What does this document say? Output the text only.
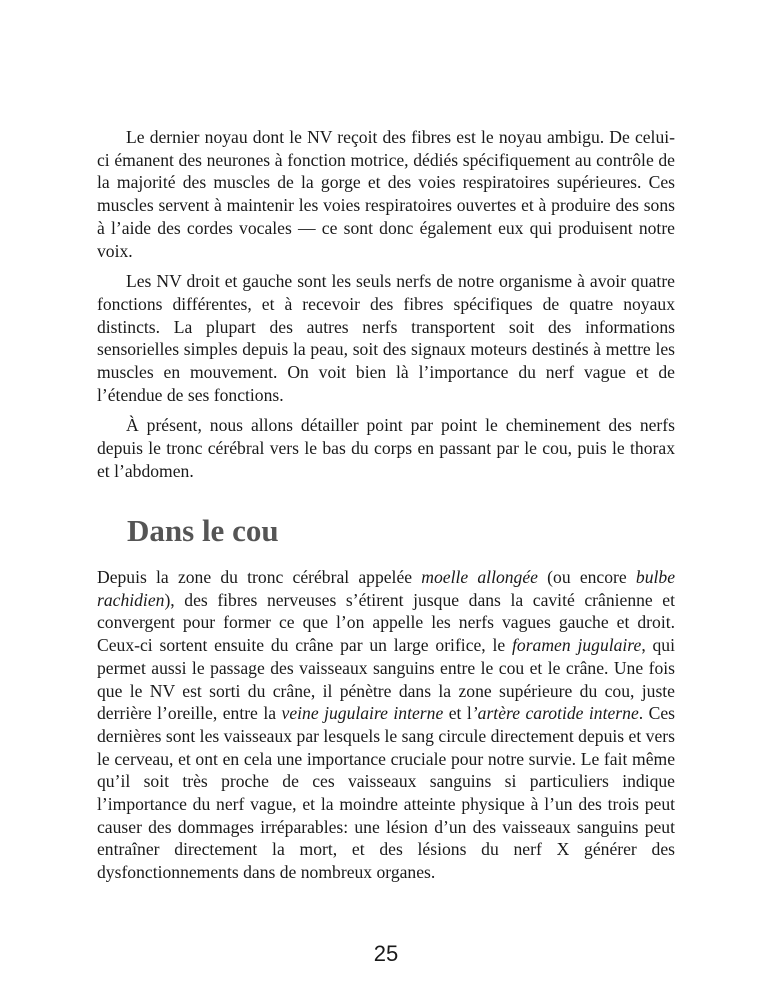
Le dernier noyau dont le NV reçoit des fibres est le noyau ambigu. De celui-ci émanent des neurones à fonction motrice, dédiés spécifiquement au contrôle de la majorité des muscles de la gorge et des voies respiratoires supérieures. Ces muscles servent à maintenir les voies respiratoires ouvertes et à produire des sons à l’aide des cordes vocales — ce sont donc également eux qui produisent notre voix.

Les NV droit et gauche sont les seuls nerfs de notre organisme à avoir quatre fonctions différentes, et à recevoir des fibres spécifiques de quatre noyaux distincts. La plupart des autres nerfs transportent soit des informations sensorielles simples depuis la peau, soit des signaux moteurs destinés à mettre les muscles en mouvement. On voit bien là l’importance du nerf vague et de l’étendue de ses fonctions.

À présent, nous allons détailler point par point le cheminement des nerfs depuis le tronc cérébral vers le bas du corps en passant par le cou, puis le thorax et l’abdomen.

Dans le cou

Depuis la zone du tronc cérébral appelée moelle allongée (ou encore bulbe rachidien), des fibres nerveuses s’étirent jusque dans la cavité crânienne et convergent pour former ce que l’on appelle les nerfs vagues gauche et droit. Ceux-ci sortent ensuite du crâne par un large orifice, le foramen jugulaire, qui permet aussi le passage des vaisseaux sanguins entre le cou et le crâne. Une fois que le NV est sorti du crâne, il pénètre dans la zone supérieure du cou, juste derrière l’oreille, entre la veine jugulaire interne et l’artère carotide interne. Ces dernières sont les vaisseaux par lesquels le sang circule directement depuis et vers le cerveau, et ont en cela une importance cruciale pour notre survie. Le fait même qu’il soit très proche de ces vaisseaux sanguins si particuliers indique l’importance du nerf vague, et la moindre atteinte physique à l’un des trois peut causer des dommages irréparables: une lésion d’un des vaisseaux sanguins peut entraîner directement la mort, et des lésions du nerf X générer des dysfonctionnements dans de nombreux organes.

25
